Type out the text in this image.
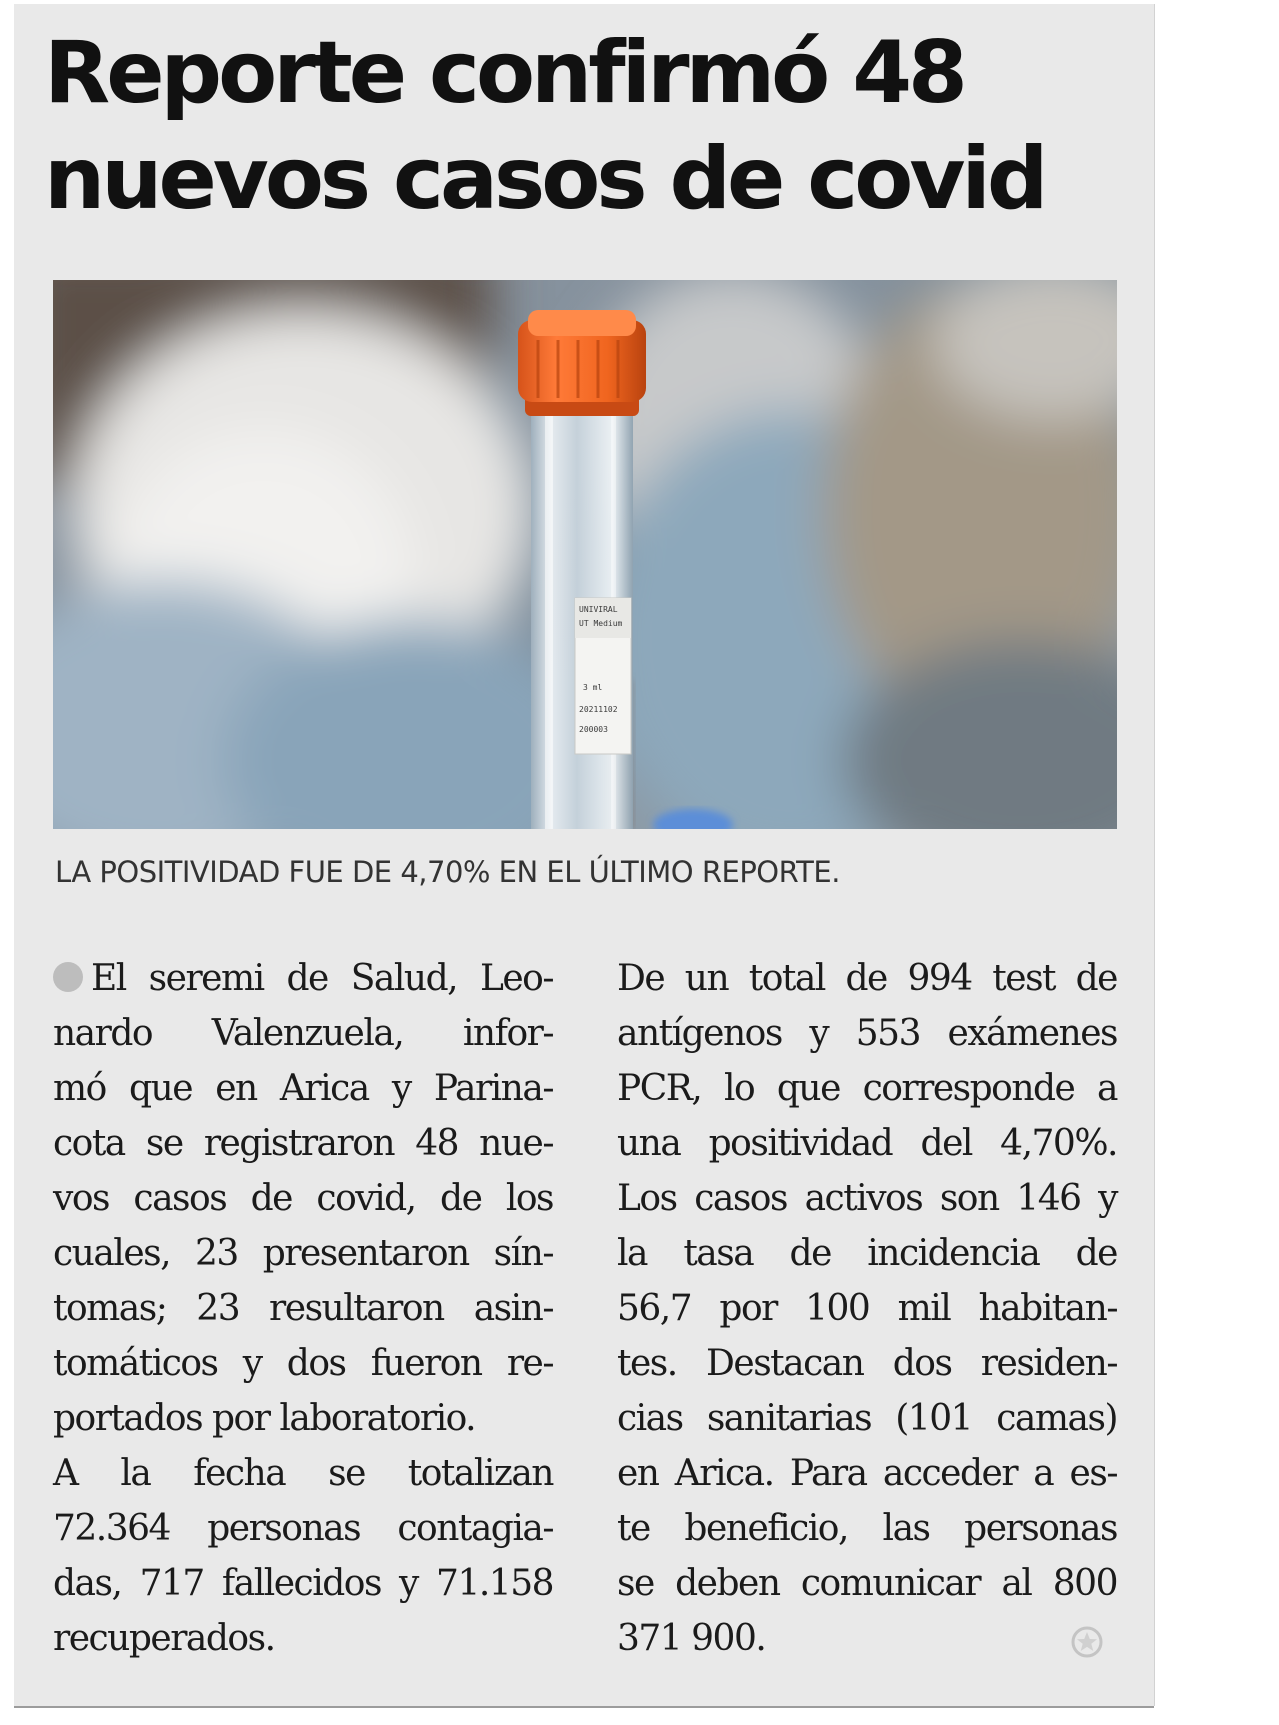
Reporte confirmó 48
nuevos casos de covid
UNIVIRAL
UT Medium
3 ml
20211102
200003
LA POSITIVIDAD FUE DE 4,70% EN EL ÚLTIMO REPORTE.
El seremi de Salud, Leo-
nardo Valenzuela, infor-
mó que en Arica y Parina-
cota se registraron 48 nue-
vos casos de covid, de los
cuales, 23 presentaron sín-
tomas; 23 resultaron asin-
tomáticos y dos fueron re-
portados por laboratorio.
A la fecha se totalizan
72.364 personas contagia-
das, 717 fallecidos y 71.158
recuperados.
De un total de 994 test de
antígenos y 553 exámenes
PCR, lo que corresponde a
una positividad del 4,70%.
Los casos activos son 146 y
la tasa de incidencia de
56,7 por 100 mil habitan-
tes. Destacan dos residen-
cias sanitarias (101 camas)
en Arica. Para acceder a es-
te beneficio, las personas
se deben comunicar al 800
371 900.
